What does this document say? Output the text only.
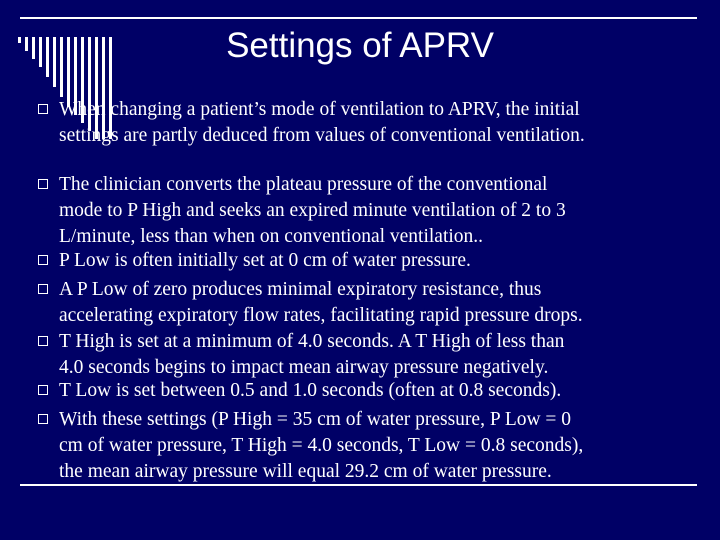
Settings of APRV
When changing a patient’s mode of ventilation to APRV, the initial
settings are partly deduced from values of conventional ventilation.
The clinician converts the plateau pressure of the conventional
mode to P High and seeks an expired minute ventilation of 2 to 3
L/minute, less than when on conventional ventilation..
P Low is often initially set at 0 cm of water pressure.
A P Low of zero produces minimal expiratory resistance, thus
accelerating expiratory flow rates, facilitating rapid pressure drops.
T High is set at a minimum of 4.0 seconds. A T High of less than
4.0 seconds begins to impact mean airway pressure negatively.
T Low is set between 0.5 and 1.0 seconds (often at 0.8 seconds).
With these settings (P High = 35 cm of water pressure, P Low = 0
cm of water pressure, T High = 4.0 seconds, T Low = 0.8 seconds),
the mean airway pressure will equal 29.2 cm of water pressure.
